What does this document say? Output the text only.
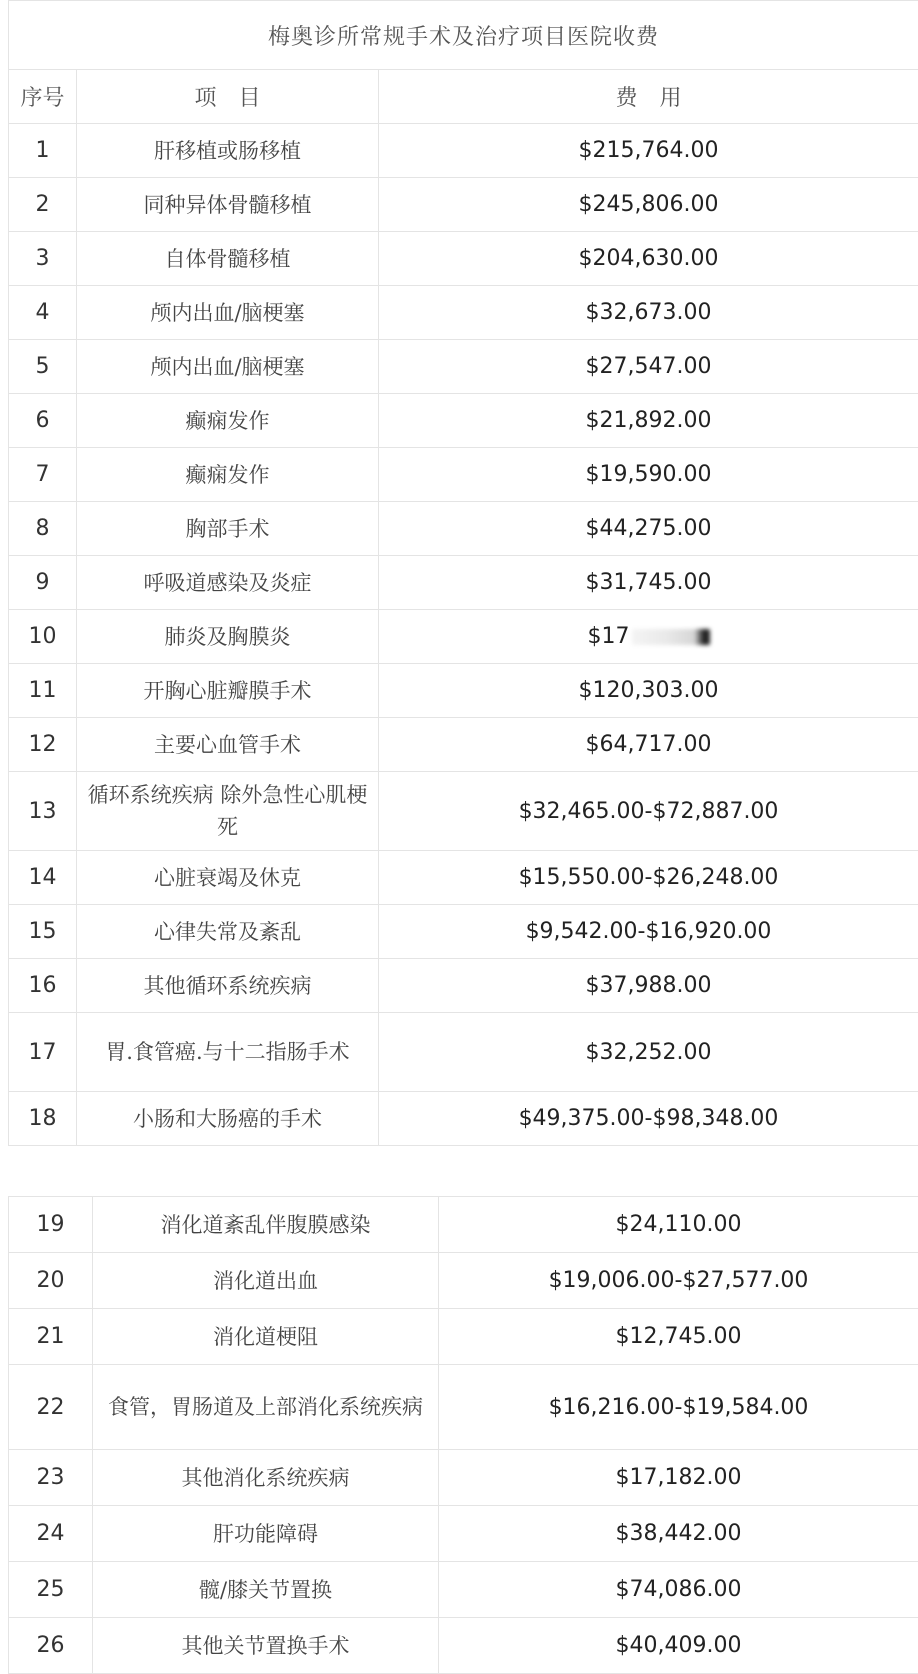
梅奥诊所常规手术及治疗项目医院收费		
序号	项　目	费　用
1	肝移植或肠移植	$215,764.00
2	同种异体骨髓移植	$245,806.00
3	自体骨髓移植	$204,630.00
4	颅内出血/脑梗塞	$32,673.00
5	颅内出血/脑梗塞	$27,547.00
6	癫痫发作	$21,892.00
7	癫痫发作	$19,590.00
8	胸部手术	$44,275.00
9	呼吸道感染及炎症	$31,745.00
10	肺炎及胸膜炎	$17
11	开胸心脏瓣膜手术	$120,303.00
12	主要心血管手术	$64,717.00
13	循环系统疾病 除外急性心肌梗死	$32,465.00-$72,887.00
14	心脏衰竭及休克	$15,550.00-$26,248.00
15	心律失常及紊乱	$9,542.00-$16,920.00
16	其他循环系统疾病	$37,988.00
17	胃.食管癌.与十二指肠手术	$32,252.00
18	小肠和大肠癌的手术	$49,375.00-$98,348.00
19	消化道紊乱伴腹膜感染	$24,110.00
20	消化道出血	$19,006.00-$27,577.00
21	消化道梗阻	$12,745.00
22	食管，胃肠道及上部消化系统疾病	$16,216.00-$19,584.00
23	其他消化系统疾病	$17,182.00
24	肝功能障碍	$38,442.00
25	髋/膝关节置换	$74,086.00
26	其他关节置换手术	$40,409.00
